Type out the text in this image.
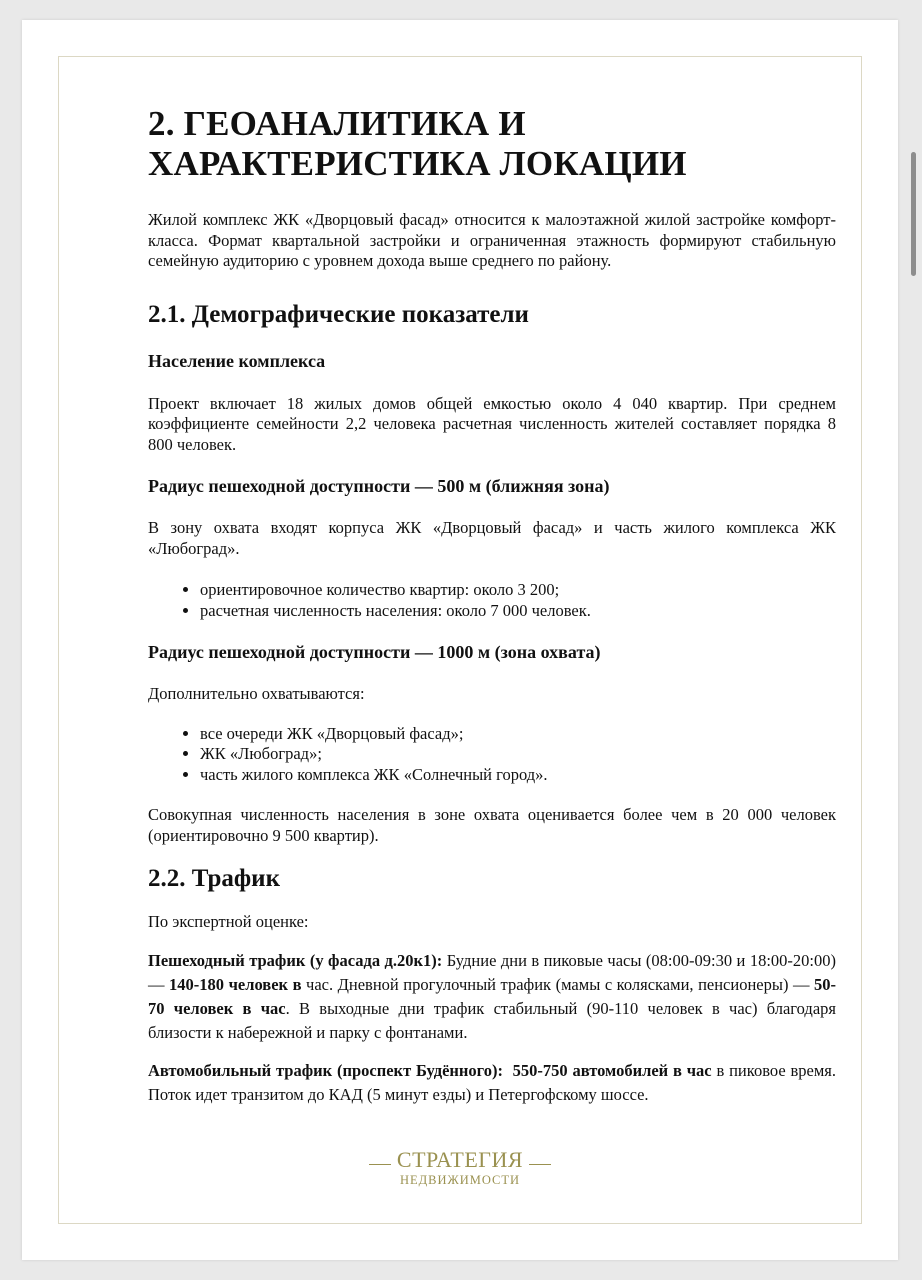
2. ГЕОАНАЛИТИКА И
ХАРАКТЕРИСТИКА ЛОКАЦИИ

Жилой комплекс ЖК «Дворцовый фасад» относится к малоэтажной жилой застройке комфорт-класса. Формат квартальной застройки и ограниченная этажность формируют стабильную семейную аудиторию с уровнем дохода выше среднего по району.

2.1. Демографические показатели
Население комплекса

Проект включает 18 жилых домов общей емкостью около 4 040 квартир. При среднем коэффициенте семейности 2,2 человека расчетная численность жителей составляет порядка 8 800 человек.

Радиус пешеходной доступности — 500 м (ближняя зона)

В зону охвата входят корпуса ЖК «Дворцовый фасад» и часть жилого комплекса ЖК «Любоград».

• ориентировочное количество квартир: около 3 200;
• расчетная численность населения: около 7 000 человек.
Радиус пешеходной доступности — 1000 м (зона охвата)

Дополнительно охватываются:

• все очереди ЖК «Дворцовый фасад»;
• ЖК «Любоград»;
• часть жилого комплекса ЖК «Солнечный город».

Совокупная численность населения в зоне охвата оценивается более чем в 20 000 человек (ориентировочно 9 500 квартир).

2.2. Трафик

По экспертной оценке:

Пешеходный трафик (у фасада д.20к1): Будние дни в пиковые часы (08:00-09:30 и 18:00-20:00) — 140-180 человек в час. Дневной прогулочный трафик (мамы с колясками, пенсионеры) — 50-70 человек в час. В выходные дни трафик стабильный (90-110 человек в час) благодаря близости к набережной и парку с фонтанами.

Автомобильный трафик (проспект Будённого):  550-750 автомобилей в час в пиковое время. Поток идет транзитом до КАД (5 минут езды) и Петергофскому шоссе.

СТРАТЕГИЯ
НЕДВИЖИМОСТИ
